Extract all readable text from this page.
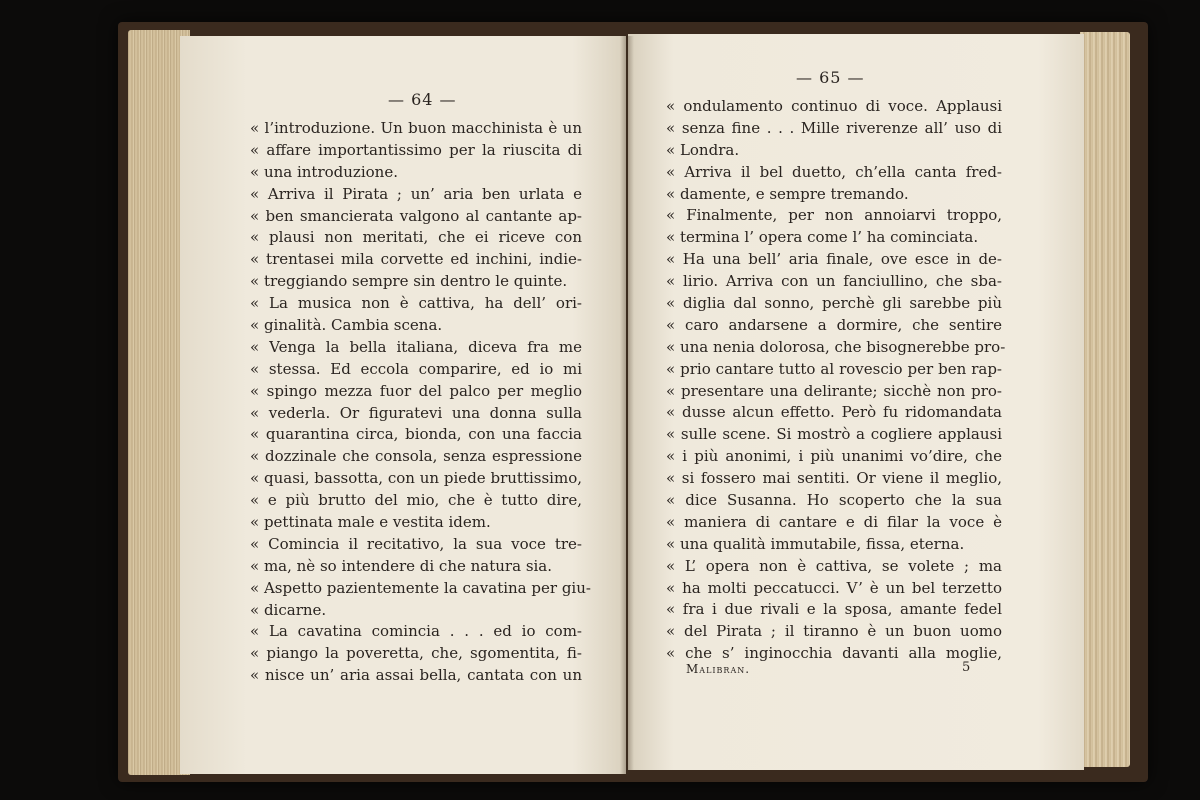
— 64 —
« l’introduzione. Un buon macchinista è un
« affare importantissimo per la riuscita di
« una introduzione.
« Arriva il Pirata ; un’ aria ben urlata e
« ben smancierata valgono al cantante ap-
« plausi non meritati, che ei riceve con
« trentasei mila corvette ed inchini, indie-
« treggiando sempre sin dentro le quinte.
« La musica non è cattiva, ha dell’ ori-
« ginalità. Cambia scena.
« Venga la bella italiana, diceva fra me
« stessa. Ed eccola comparire, ed io mi
« spingo mezza fuor del palco per meglio
« vederla. Or figuratevi una donna sulla
« quarantina circa, bionda, con una faccia
« dozzinale che consola, senza espressione
« quasi, bassotta, con un piede bruttissimo,
« e più brutto del mio, che è tutto dire,
« pettinata male e vestita idem.
« Comincia il recitativo, la sua voce tre-
« ma, nè so intendere di che natura sia.
« Aspetto pazientemente la cavatina per giu-
« dicarne.
« La cavatina comincia . . . ed io com-
« piango la poveretta, che, sgomentita, fi-
« nisce un’ aria assai bella, cantata con un
— 65 —
« ondulamento continuo di voce. Applausi
« senza fine . . . Mille riverenze all’ uso di
« Londra.
« Arriva il bel duetto, ch’ella canta fred-
« damente, e sempre tremando.
« Finalmente, per non annoiarvi troppo,
« termina l’ opera come l’ ha cominciata.
« Ha una bell’ aria finale, ove esce in de-
« lirio. Arriva con un fanciullino, che sba-
« diglia dal sonno, perchè gli sarebbe più
« caro andarsene a dormire, che sentire
« una nenia dolorosa, che bisognerebbe pro-
« prio cantare tutto al rovescio per ben rap-
« presentare una delirante; sicchè non pro-
« dusse alcun effetto. Però fu ridomandata
« sulle scene. Si mostrò a cogliere applausi
« i più anonimi, i più unanimi vo’dire, che
« si fossero mai sentiti. Or viene il meglio,
« dice Susanna. Ho scoperto che la sua
« maniera di cantare e di filar la voce è
« una qualità immutabile, fissa, eterna.
« L’ opera non è cattiva, se volete ; ma
« ha molti peccatucci. V’ è un bel terzetto
« fra i due rivali e la sposa, amante fedel
« del Pirata ; il tiranno è un buon uomo
« che s’ inginocchia davanti alla moglie,
Malibran.	5
